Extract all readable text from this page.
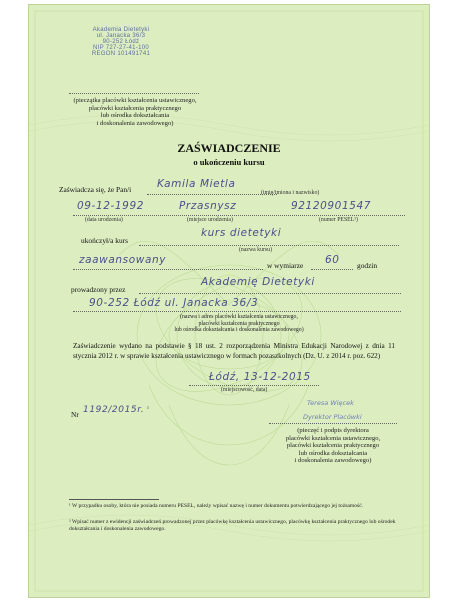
Akademia Dietetyki
ul. Janacka 36/3
90-252 Łódź
NIP 727-27-41-100
REGON 101491741
(pieczątka placówki kształcenia ustawicznego,
placówki kształcenia praktycznego
lub ośrodka dokształcania
i doskonalenia zawodowego)
ZAŚWIADCZENIE
o ukończeniu kursu
Zaświadcza się, że Pan/i Kamila Mietla
(imię/imiona i nazwisko)
09-12-1992	Przasnysz	92120901547
(data urodzenia)	(miejsce urodzenia)	(numer PESEL¹)
ukończył/a kurs
kurs dietetyki
(nazwa kursu)
zaawansowany	w wymiarze 60 godzin
prowadzony przez
Akademię Dietetyki
90-252 Łódź ul. Janacka 36/3
(nazwa i adres placówki kształcenia ustawicznego,
placówki kształcenia praktycznego
lub ośrodka dokształcania i doskonalenia zawodowego)
Zaświadczenie wydano na podstawie § 18 ust. 2 rozporządzenia Ministra Edukacji Narodowej z dnia 11 stycznia 2012 r. w sprawie kształcenia ustawicznego w formach pozaszkolnych (Dz. U. z 2014 r. poz. 622)
Łódź, 13-12-2015
(miejscowość, data)
Nr 1192/2015r. ²
Teresa Więcek
Dyrektor Placówki
(pieczęć i podpis dyrektora
placówki kształcenia ustawicznego,
placówki kształcenia praktycznego
lub ośrodka dokształcania
i doskonalenia zawodowego)
¹ W przypadku osoby, która nie posiada numeru PESEL, należy wpisać nazwę i numer dokumentu potwierdzającego jej tożsamość.
² Wpisać numer z ewidencji zaświadczeń prowadzonej przez placówkę kształcenia ustawicznego, placówkę kształcenia praktycznego lub ośrodek dokształcania i doskonalenia zawodowego.
